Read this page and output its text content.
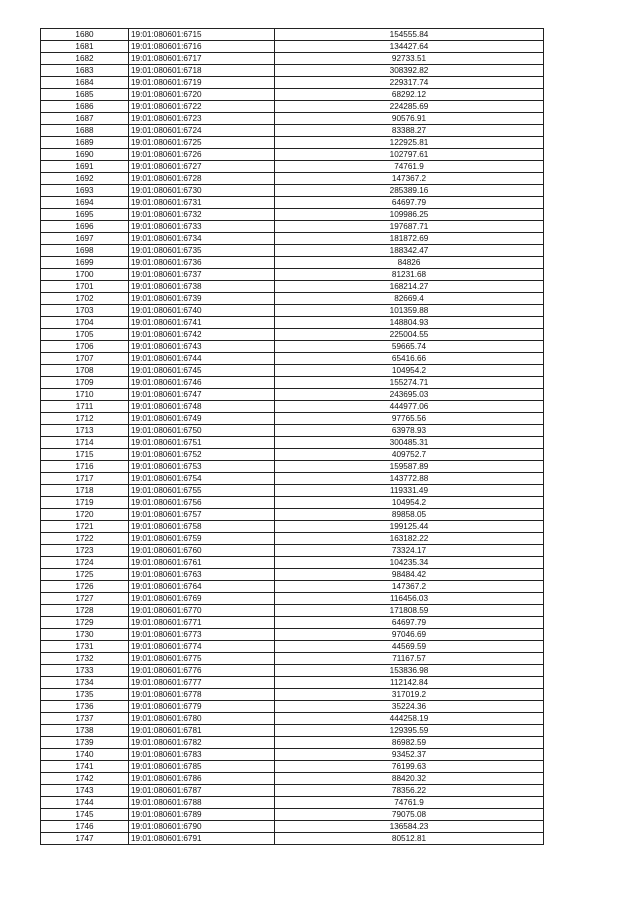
1680	19:01:080601:6715	154555.84
1681	19:01:080601:6716	134427.64
1682	19:01:080601:6717	92733.51
1683	19:01:080601:6718	308392.82
1684	19:01:080601:6719	229317.74
1685	19:01:080601:6720	68292.12
1686	19:01:080601:6722	224285.69
1687	19:01:080601:6723	90576.91
1688	19:01:080601:6724	83388.27
1689	19:01:080601:6725	122925.81
1690	19:01:080601:6726	102797.61
1691	19:01:080601:6727	74761.9
1692	19:01:080601:6728	147367.2
1693	19:01:080601:6730	285389.16
1694	19:01:080601:6731	64697.79
1695	19:01:080601:6732	109986.25
1696	19:01:080601:6733	197687.71
1697	19:01:080601:6734	181872.69
1698	19:01:080601:6735	188342.47
1699	19:01:080601:6736	84826
1700	19:01:080601:6737	81231.68
1701	19:01:080601:6738	168214.27
1702	19:01:080601:6739	82669.4
1703	19:01:080601:6740	101359.88
1704	19:01:080601:6741	148804.93
1705	19:01:080601:6742	225004.55
1706	19:01:080601:6743	59665.74
1707	19:01:080601:6744	65416.66
1708	19:01:080601:6745	104954.2
1709	19:01:080601:6746	155274.71
1710	19:01:080601:6747	243695.03
1711	19:01:080601:6748	444977.06
1712	19:01:080601:6749	97765.56
1713	19:01:080601:6750	63978.93
1714	19:01:080601:6751	300485.31
1715	19:01:080601:6752	409752.7
1716	19:01:080601:6753	159587.89
1717	19:01:080601:6754	143772.88
1718	19:01:080601:6755	119331.49
1719	19:01:080601:6756	104954.2
1720	19:01:080601:6757	89858.05
1721	19:01:080601:6758	199125.44
1722	19:01:080601:6759	163182.22
1723	19:01:080601:6760	73324.17
1724	19:01:080601:6761	104235.34
1725	19:01:080601:6763	98484.42
1726	19:01:080601:6764	147367.2
1727	19:01:080601:6769	116456.03
1728	19:01:080601:6770	171808.59
1729	19:01:080601:6771	64697.79
1730	19:01:080601:6773	97046.69
1731	19:01:080601:6774	44569.59
1732	19:01:080601:6775	71167.57
1733	19:01:080601:6776	153836.98
1734	19:01:080601:6777	112142.84
1735	19:01:080601:6778	317019.2
1736	19:01:080601:6779	35224.36
1737	19:01:080601:6780	444258.19
1738	19:01:080601:6781	129395.59
1739	19:01:080601:6782	86982.59
1740	19:01:080601:6783	93452.37
1741	19:01:080601:6785	76199.63
1742	19:01:080601:6786	88420.32
1743	19:01:080601:6787	78356.22
1744	19:01:080601:6788	74761.9
1745	19:01:080601:6789	79075.08
1746	19:01:080601:6790	136584.23
1747	19:01:080601:6791	80512.81
